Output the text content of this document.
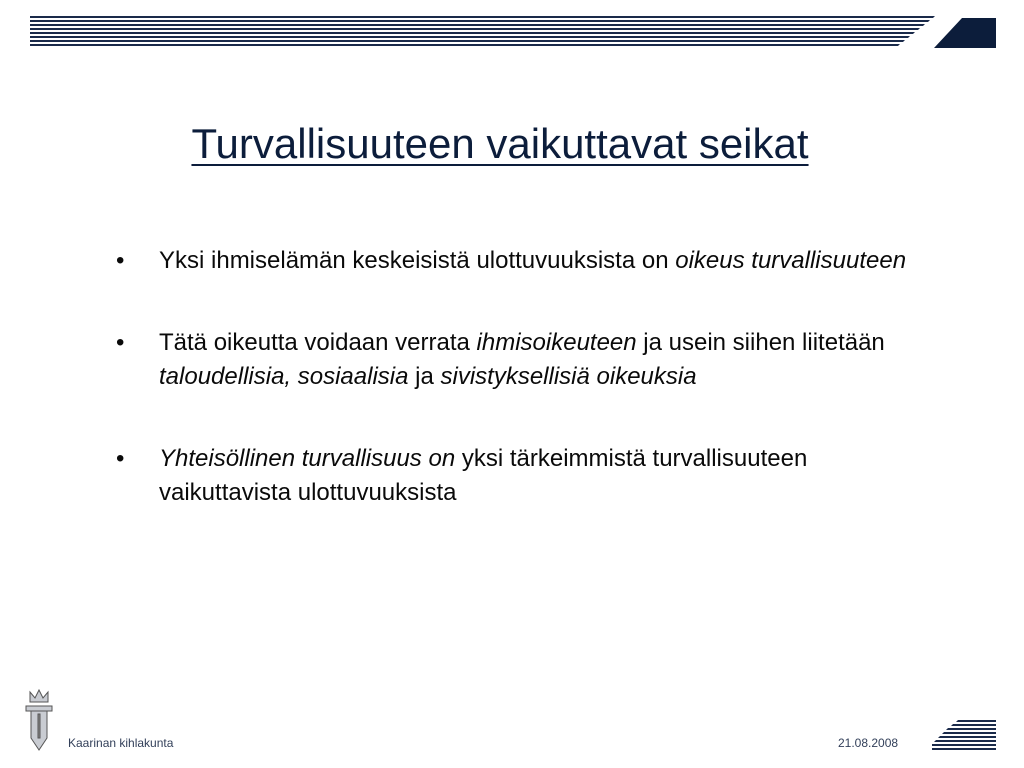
Turvallisuuteen vaikuttavat seikat
• Yksi ihmiselämän keskeisistä ulottuvuuksista on oikeus turvallisuuteen
• Tätä oikeutta voidaan verrata ihmisoikeuteen ja usein siihen liitetään taloudellisia, sosiaalisia ja sivistyksellisiä oikeuksia
• Yhteisöllinen turvallisuus on yksi tärkeimmistä turvallisuuteen vaikuttavista ulottuvuuksista
Kaarinan kihlakunta	21.08.2008
